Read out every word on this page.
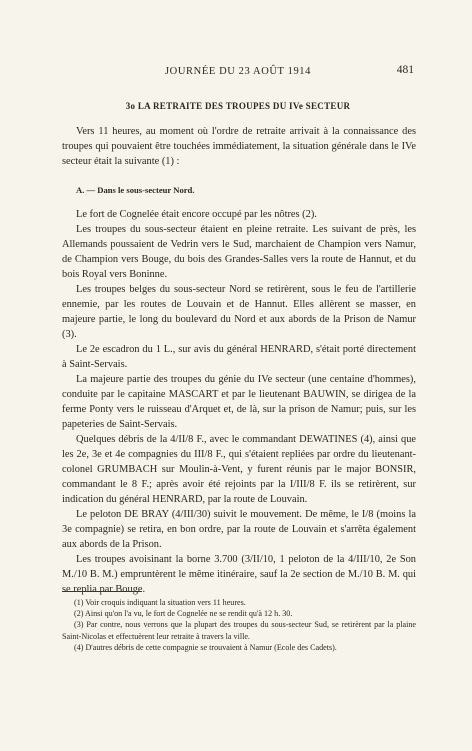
JOURNÉE DU 23 AOÛT 1914	481
3o LA RETRAITE DES TROUPES DU IVe SECTEUR

Vers 11 heures, au moment où l'ordre de retraite arrivait à la connaissance des troupes qui pouvaient être touchées immédiatement, la situation générale dans le IVe secteur était la suivante (1) :

A. — Dans le sous-secteur Nord.

Le fort de Cognelée était encore occupé par les nôtres (2).

Les troupes du sous-secteur étaient en pleine retraite. Les suivant de près, les Allemands poussaient de Vedrin vers le Sud, marchaient de Champion vers Namur, de Champion vers Bouge, du bois des Grandes-Salles vers la route de Hannut, et du bois Royal vers Boninne.

Les troupes belges du sous-secteur Nord se retirèrent, sous le feu de l'artillerie ennemie, par les routes de Louvain et de Hannut. Elles allèrent se masser, en majeure partie, le long du boulevard du Nord et aux abords de la Prison de Namur (3).

Le 2e escadron du 1 L., sur avis du général HENRARD, s'était porté directement à Saint-Servais.

La majeure partie des troupes du génie du IVe secteur (une centaine d'hommes), conduite par le capitaine MASCART et par le lieutenant BAUWIN, se dirigea de la ferme Ponty vers le ruisseau d'Arquet et, de là, sur la prison de Namur; puis, sur les papeteries de Saint-Servais.

Quelques débris de la 4/II/8 F., avec le commandant DEWATINES (4), ainsi que les 2e, 3e et 4e compagnies du III/8 F., qui s'étaient repliées par ordre du lieutenant-colonel GRUMBACH sur Moulin-à-Vent, y furent réunis par le major BONSIR, commandant le 8 F.; après avoir été rejoints par la I/III/8 F. ils se retirèrent, sur indication du général HENRARD, par la route de Louvain.

Le peloton DE BRAY (4/III/30) suivit le mouvement. De même, le I/8 (moins la 3e compagnie) se retira, en bon ordre, par la route de Louvain et s'arrêta également aux abords de la Prison.

Les troupes avoisinant la borne 3.700 (3/II/10, 1 peloton de la 4/III/10, 2e Son M./10 B. M.) empruntèrent le même itinéraire, sauf la 2e section de M./10 B. M. qui se replia par Bouge.

(1) Voir croquis indiquant la situation vers 11 heures.

(2) Ainsi qu'on l'a vu, le fort de Cognelée ne se rendit qu'à 12 h. 30.

(3) Par contre, nous verrons que la plupart des troupes du sous-secteur Sud, se retirèrent par la plaine Saint-Nicolas et effectuèrent leur retraite à travers la ville.

(4) D'autres débris de cette compagnie se trouvaient à Namur (Ecole des Cadets).
